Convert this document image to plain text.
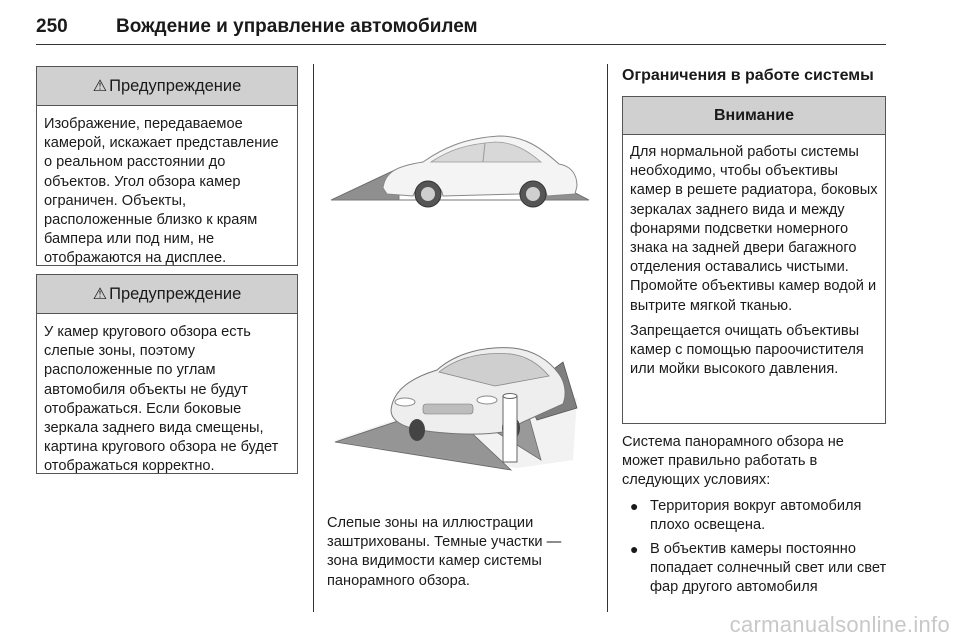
250	Вождение и управление автомобилем
⚠ Предупреждение
Изображение, передаваемое камерой, искажает представление о реальном расстоянии до объектов. Угол обзора камер ограничен. Объекты, расположенные близко к краям бампера или под ним, не отображаются на дисплее.
⚠ Предупреждение
У камер кругового обзора есть слепые зоны, поэтому расположенные по углам автомобиля объекты не будут отображаться. Если боковые зеркала заднего вида смещены, картина кругового обзора не будет отображаться корректно.
Слепые зоны на иллюстрации заштрихованы. Темные участки — зона видимости камер системы панорамного обзора.
Ограничения в работе системы
Внимание

Для нормальной работы системы необходимо, чтобы объективы камер в решете радиатора, боковых зеркалах заднего вида и между фонарями подсветки номерного знака на задней двери багажного отделения оставались чистыми. Промойте объективы камер водой и вытрите мягкой тканью.

Запрещается очищать объективы камер с помощью пароочистителя или мойки высокого давления.

Система панорамного обзора не может правильно работать в следующих условиях:
● Территория вокруг автомобиля плохо освещена.
● В объектив камеры постоянно попадает солнечный свет или свет фар другого автомобиля
carmanualsonline.info
